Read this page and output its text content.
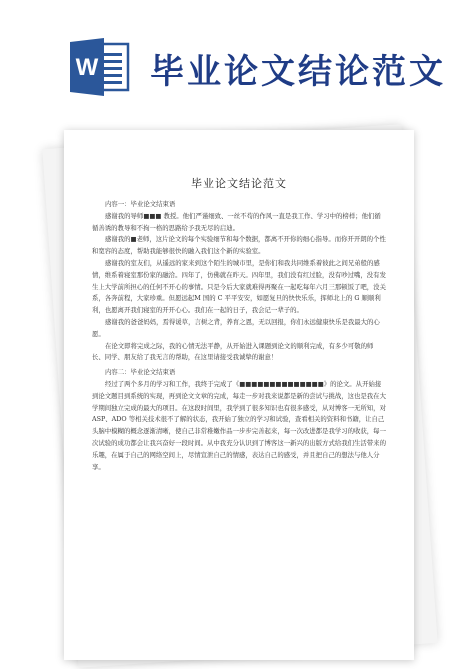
W 毕业论文结论范文
毕业论文结论范文

内容一：毕业论文结束语

感谢我的导师■■■ 教授。他们严谨细致、一丝不苟的作风一直是我工作、学习中的榜样；他们循循善诱的教导和不拘一格的思路给予我无尽的启迪。

感谢我的■老师，这片论文的每个实验细节和每个数据，都离不开你的细心指导。而你开开朗的个性和宽容的态度，帮助我能够很快的融入我们这个新的实验室。

感谢我的室友们，从遥远的家来到这个陌生的城市里，是你们和我共同维系着彼此之间兄弟般的感情，维系着寝室那份家的融洽。四年了，仿佛就在昨天。四年里，我们没有红过脸，没有吵过嘴，没有发生上大学前所担心的任何不开心的事情。只是今后大家就难得再聚在一起吃每年六月三那顿饭了吧，没关系，各奔前程，大家珍重。但愿远起M 国的 C 平平安安，如愿复旦的快快乐乐，挥师北上的 G 顺顺利利，也愿离开我们寝室的开开心心。我们在一起的日子，我会记一辈子的。

感谢我的爸爸妈妈，焉得谖草，言树之背，养育之恩，无以回报，你们永远健康快乐是我最大的心愿。

在论文即将完成之际，我的心情无法平静，从开始进入课题到论文的顺利完成，有多少可敬的师长、同学、朋友给了我无言的帮助，在这里请接受我诚挚的谢意！

内容二：毕业论文结束语

经过了两个多月的学习和工作，我终于完成了《■■■■■■■■■■■■■■》的论文。从开始接到论文题目到系统的实现，再到论文文章的完成，每走一步对我来说都是新的尝试与挑战，这也是我在大学期间独立完成的最大的项目。在这段时间里，我学到了很多知识也有很多感受，从对博客一无所知，对 ASP、ADO 等相关技术很不了解的状态，我开始了独立的学习和试验，查看相关的资料和书籍，让自己头脑中模糊的概念逐渐清晰，使自己非常稚嫩作品一步步完善起来，每一次改进都是我学习的收获，每一次试验的成功都会让我兴奋好一段时间。从中我充分认识到了博客这一新兴的出版方式给我们生活带来的乐趣，在属于自己的网络空间上，尽情宣泄自己的情感，表达自己的感受，并且把自己的想法与他人分享。
